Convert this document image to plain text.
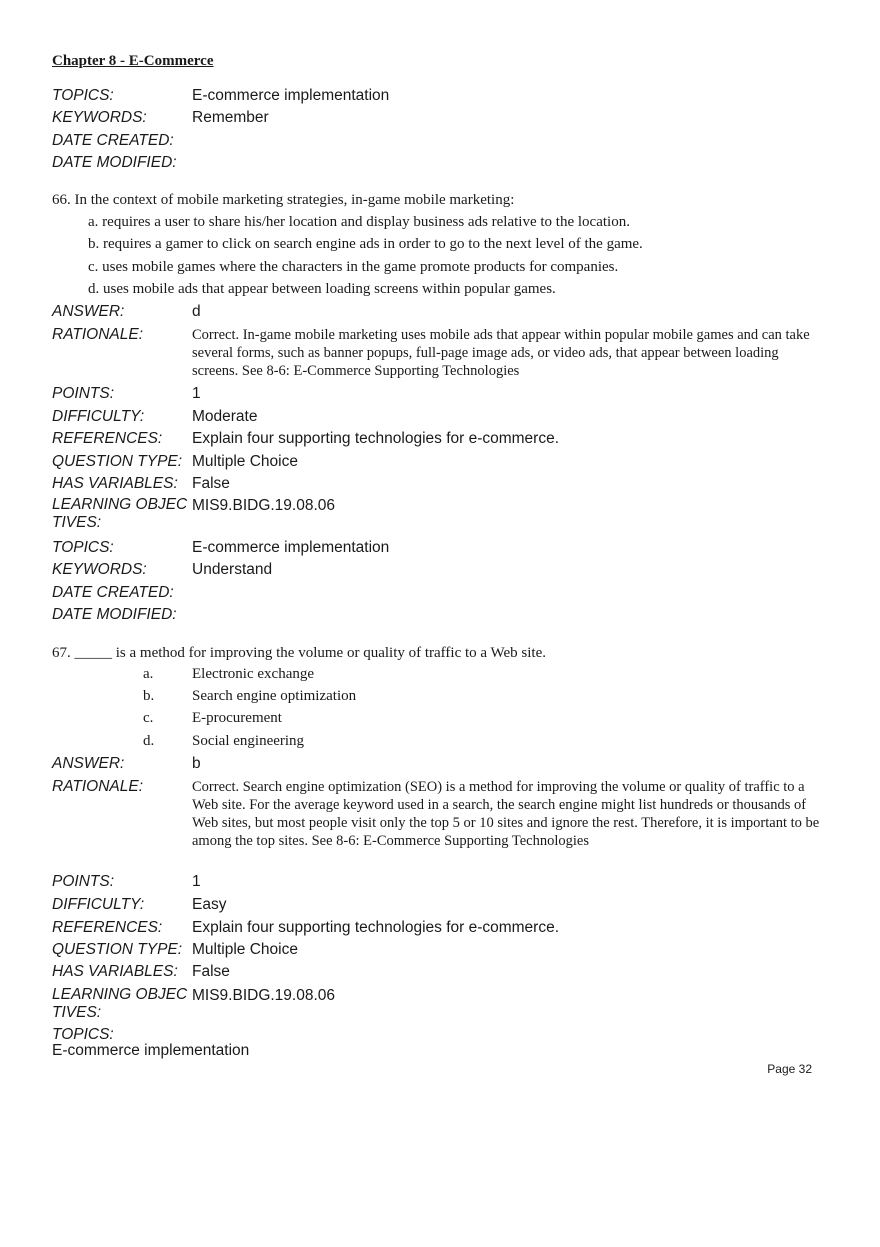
Chapter 8 - E-Commerce
TOPICS:	E-commerce implementation
KEYWORDS:	Remember
DATE CREATED:
DATE MODIFIED:
66. In the context of mobile marketing strategies, in-game mobile marketing:
a. requires a user to share his/her location and display business ads relative to the location.
b. requires a gamer to click on search engine ads in order to go to the next level of the game.
c. uses mobile games where the characters in the game promote products for companies.
d. uses mobile ads that appear between loading screens within popular games.
ANSWER:	d
RATIONALE:	Correct. In-game mobile marketing uses mobile ads that appear within popular mobile games and can take several forms, such as banner popups, full-page image ads, or video ads, that appear between loading screens. See 8-6: E-Commerce Supporting Technologies
POINTS:	1
DIFFICULTY:	Moderate
REFERENCES: Explain four supporting technologies for e-commerce.
QUESTION TYPE: Multiple Choice
HAS VARIABLES: False
LEARNING OBJECTIVES:
MIS9.BIDG.19.08.06
TOPICS:	E-commerce implementation
KEYWORDS:	Understand
DATE CREATED:
DATE MODIFIED:
67. _____ is a method for improving the volume or quality of traffic to a Web site.
a.	Electronic exchange
b.	Search engine optimization
c.	E-procurement
d.	Social engineering
ANSWER:	b
RATIONALE:	Correct. Search engine optimization (SEO) is a method for improving the volume or quality of traffic to a Web site. For the average keyword used in a search, the search engine might list hundreds or thousands of Web sites, but most people visit only the top 5 or 10 sites and ignore the rest. Therefore, it is important to be among the top sites. See 8-6: E-Commerce Supporting Technologies
POINTS:	1
DIFFICULTY:	Easy
REFERENCES: Explain four supporting technologies for e-commerce.
QUESTION TYPE: Multiple Choice
HAS VARIABLES: False
LEARNING OBJECTIVES:
MIS9.BIDG.19.08.06
TOPICS:
E-commerce implementation
Page 32
